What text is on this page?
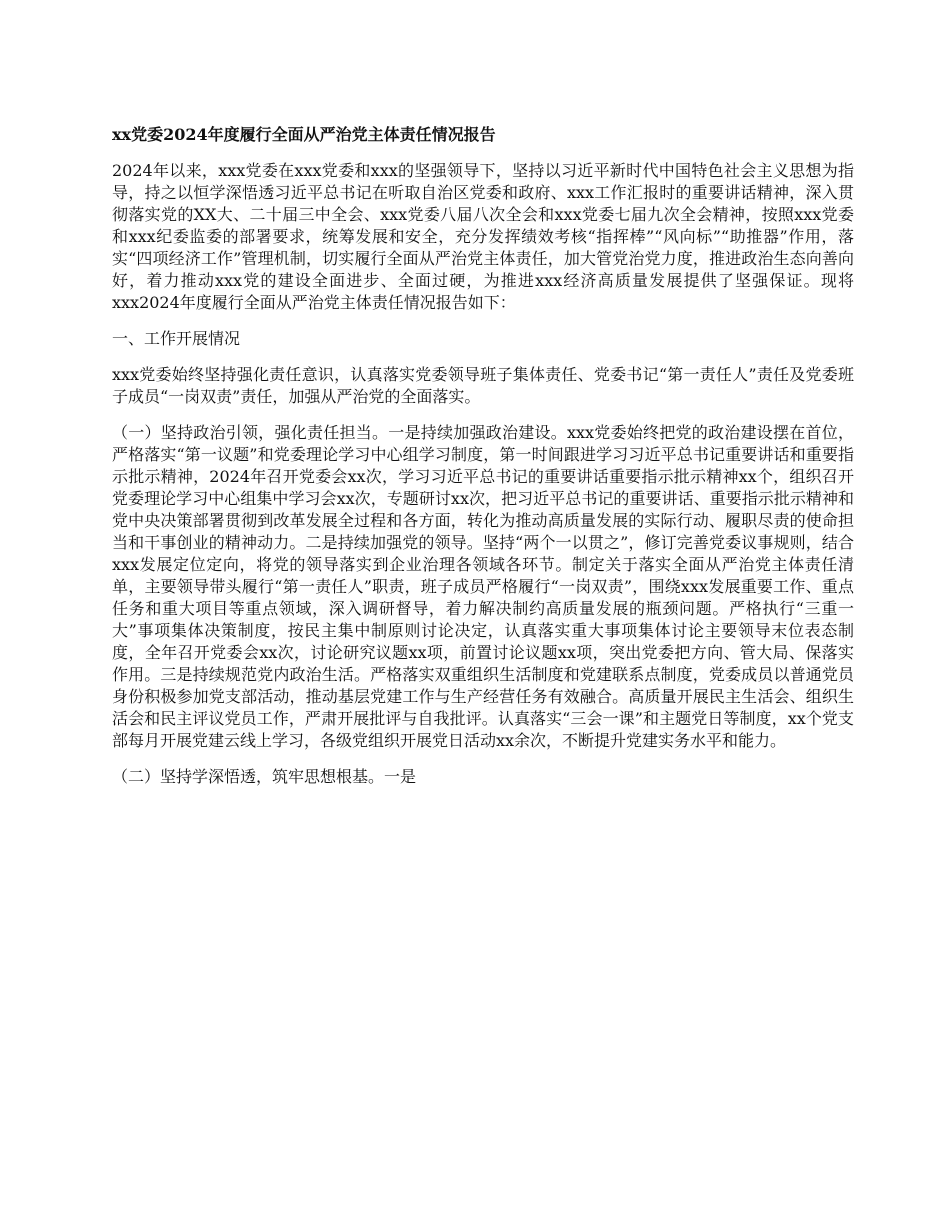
xx党委2024年度履行全面从严治党主体责任情况报告

2024年以来，xxx党委在xxx党委和xxx的坚强领导下，坚持以习近平新时代中国特色社会主义思想为指导，持之以恒学深悟透习近平总书记在听取自治区党委和政府、xxx工作汇报时的重要讲话精神，深入贯彻落实党的XX大、二十届三中全会、xxx党委八届八次全会和xxx党委七届九次全会精神，按照xxx党委和xxx纪委监委的部署要求，统筹发展和安全，充分发挥绩效考核“指挥棒”“风向标”“助推器”作用，落实“四项经济工作”管理机制，切实履行全面从严治党主体责任，加大管党治党力度，推进政治生态向善向好，着力推动xxx党的建设全面进步、全面过硬，为推进xxx经济高质量发展提供了坚强保证。现将xxx2024年度履行全面从严治党主体责任情况报告如下：

一、工作开展情况

xxx党委始终坚持强化责任意识，认真落实党委领导班子集体责任、党委书记“第一责任人”责任及党委班子成员“一岗双责”责任，加强从严治党的全面落实。

（一）坚持政治引领，强化责任担当。一是持续加强政治建设。xxx党委始终把党的政治建设摆在首位，严格落实“第一议题”和党委理论学习中心组学习制度，第一时间跟进学习习近平总书记重要讲话和重要指示批示精神，2024年召开党委会xx次，学习习近平总书记的重要讲话重要指示批示精神xx个，组织召开党委理论学习中心组集中学习会xx次，专题研讨xx次，把习近平总书记的重要讲话、重要指示批示精神和党中央决策部署贯彻到改革发展全过程和各方面，转化为推动高质量发展的实际行动、履职尽责的使命担当和干事创业的精神动力。二是持续加强党的领导。坚持“两个一以贯之”，修订完善党委议事规则，结合xxx发展定位定向，将党的领导落实到企业治理各领域各环节。制定关于落实全面从严治党主体责任清单，主要领导带头履行“第一责任人”职责，班子成员严格履行“一岗双责”，围绕xxx发展重要工作、重点任务和重大项目等重点领域，深入调研督导，着力解决制约高质量发展的瓶颈问题。严格执行“三重一大”事项集体决策制度，按民主集中制原则讨论决定，认真落实重大事项集体讨论主要领导末位表态制度，全年召开党委会xx次，讨论研究议题xx项，前置讨论议题xx项，突出党委把方向、管大局、保落实作用。三是持续规范党内政治生活。严格落实双重组织生活制度和党建联系点制度，党委成员以普通党员身份积极参加党支部活动，推动基层党建工作与生产经营任务有效融合。高质量开展民主生活会、组织生活会和民主评议党员工作，严肃开展批评与自我批评。认真落实“三会一课”和主题党日等制度，xx个党支部每月开展党建云线上学习，各级党组织开展党日活动xx余次，不断提升党建实务水平和能力。

（二）坚持学深悟透，筑牢思想根基。一是
